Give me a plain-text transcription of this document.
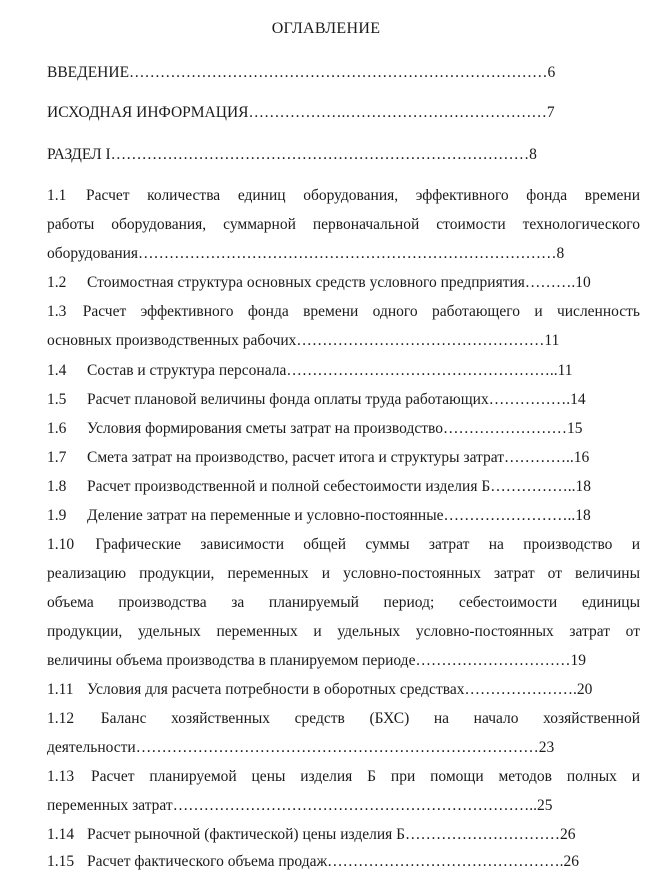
ОГЛАВЛЕНИЕ
ВВЕДЕНИЕ………………………………………………………………………6
ИСХОДНАЯ ИНФОРМАЦИЯ……………….…………………………………7
РАЗДЕЛ I………………………………………………………………………8
1.1 Расчет количества единиц оборудования, эффективного фонда времени
работы оборудования, суммарной первоначальной стоимости технологического
оборудования………………………………………………………………………8
1.2 Стоимостная структура основных средств условного предприятия……….10
1.3 Расчет эффективного фонда времени одного работающего и численность
основных производственных рабочих…………………………………………11
1.4 Состав и структура персонала……………………………………………..11
1.5 Расчет плановой величины фонда оплаты труда работающих…………….14
1.6 Условия формирования сметы затрат на производство……………………15
1.7 Смета затрат на производство, расчет итога и структуры затрат…………..16
1.8 Расчет производственной и полной себестоимости изделия Б……………..18
1.9 Деление затрат на переменные и условно-постоянные……………………..18
1.10 Графические зависимости общей суммы затрат на производство и
реализацию продукции, переменных и условно-постоянных затрат от величины
объема производства за планируемый период; себестоимости единицы
продукции, удельных переменных и удельных условно-постоянных затрат от
величины объема производства в планируемом периоде…………………………19
1.11 Условия для расчета потребности в оборотных средствах………………….20
1.12 Баланс хозяйственных средств (БХС) на начало хозяйственной
деятельности……………………………………………………………………23
1.13 Расчет планируемой цены изделия Б при помощи методов полных и
переменных затрат……………………………………………………………..25
1.14 Расчет рыночной (фактической) цены изделия Б…………………………26
1.15 Расчет фактического объема продаж……………………………………….26
